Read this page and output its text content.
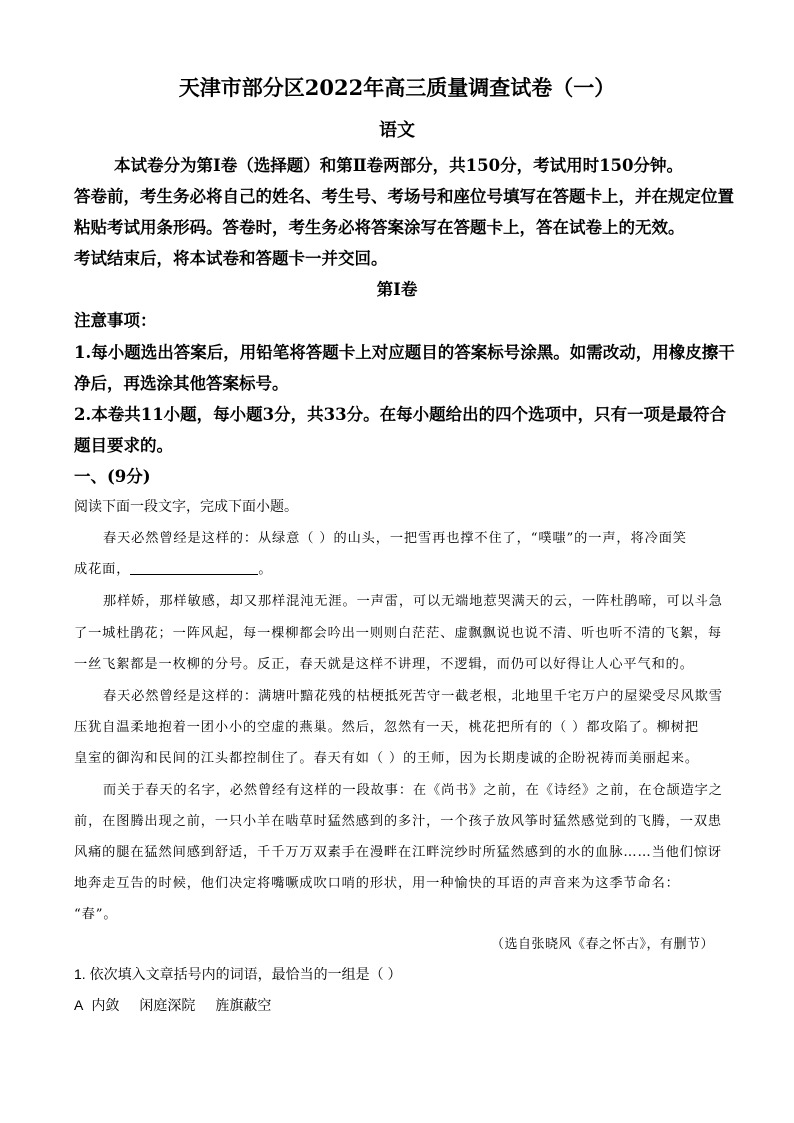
天津市部分区2022年高三质量调查试卷（一）
语文
本试卷分为第Ⅰ卷（选择题）和第Ⅱ卷两部分，共150分，考试用时150分钟。
答卷前，考生务必将自己的姓名、考生号、考场号和座位号填写在答题卡上，并在规定位置
粘贴考试用条形码。答卷时，考生务必将答案涂写在答题卡上，答在试卷上的无效。
考试结束后，将本试卷和答题卡一并交回。
第Ⅰ卷
注意事项：
1.每小题选出答案后，用铅笔将答题卡上对应题目的答案标号涂黑。如需改动，用橡皮擦干
净后，再选涂其他答案标号。
2.本卷共11小题，每小题3分，共33分。在每小题给出的四个选项中，只有一项是最符合
题目要求的。
一、(9分)
阅读下面一段文字，完成下面小题。
春天必然曾经是这样的：从绿意（ ）的山头，一把雪再也撑不住了，“噗嗤”的一声，将冷面笑
成花面，	。
那样娇，那样敏感，却又那样混沌无涯。一声雷，可以无端地惹哭满天的云，一阵杜鹃啼，可以斗急
了一城杜鹃花；一阵风起，每一棵柳都会吟出一则则白茫茫、虚飘飘说也说不清、听也听不清的飞絮，每
一丝飞絮都是一枚柳的分号。反正，春天就是这样不讲理，不逻辑，而仍可以好得让人心平气和的。
春天必然曾经是这样的：满塘叶黯花残的枯梗抵死苦守一截老根，北地里千宅万户的屋梁受尽风欺雪
压犹自温柔地抱着一团小小的空虚的燕巢。然后，忽然有一天，桃花把所有的（ ）都攻陷了。柳树把
皇室的御沟和民间的江头都控制住了。春天有如（ ）的王师，因为长期虔诚的企盼祝祷而美丽起来。
而关于春天的名字，必然曾经有这样的一段故事：在《尚书》之前，在《诗经》之前，在仓颉造字之
前，在图腾出现之前，一只小羊在啮草时猛然感到的多汁，一个孩子放风筝时猛然感觉到的飞腾，一双患
风痛的腿在猛然间感到舒适，千千万万双素手在漫畔在江畔浣纱时所猛然感到的水的血脉……当他们惊讶
地奔走互告的时候，他们决定将嘴噘成吹口哨的形状，用一种愉快的耳语的声音来为这季节命名：
“春”。
（选自张晓风《春之怀古》，有删节）
1. 依次填入文章括号内的词语，最恰当的一组是（ ）
A 内敛 闲庭深院 旌旗蔽空
